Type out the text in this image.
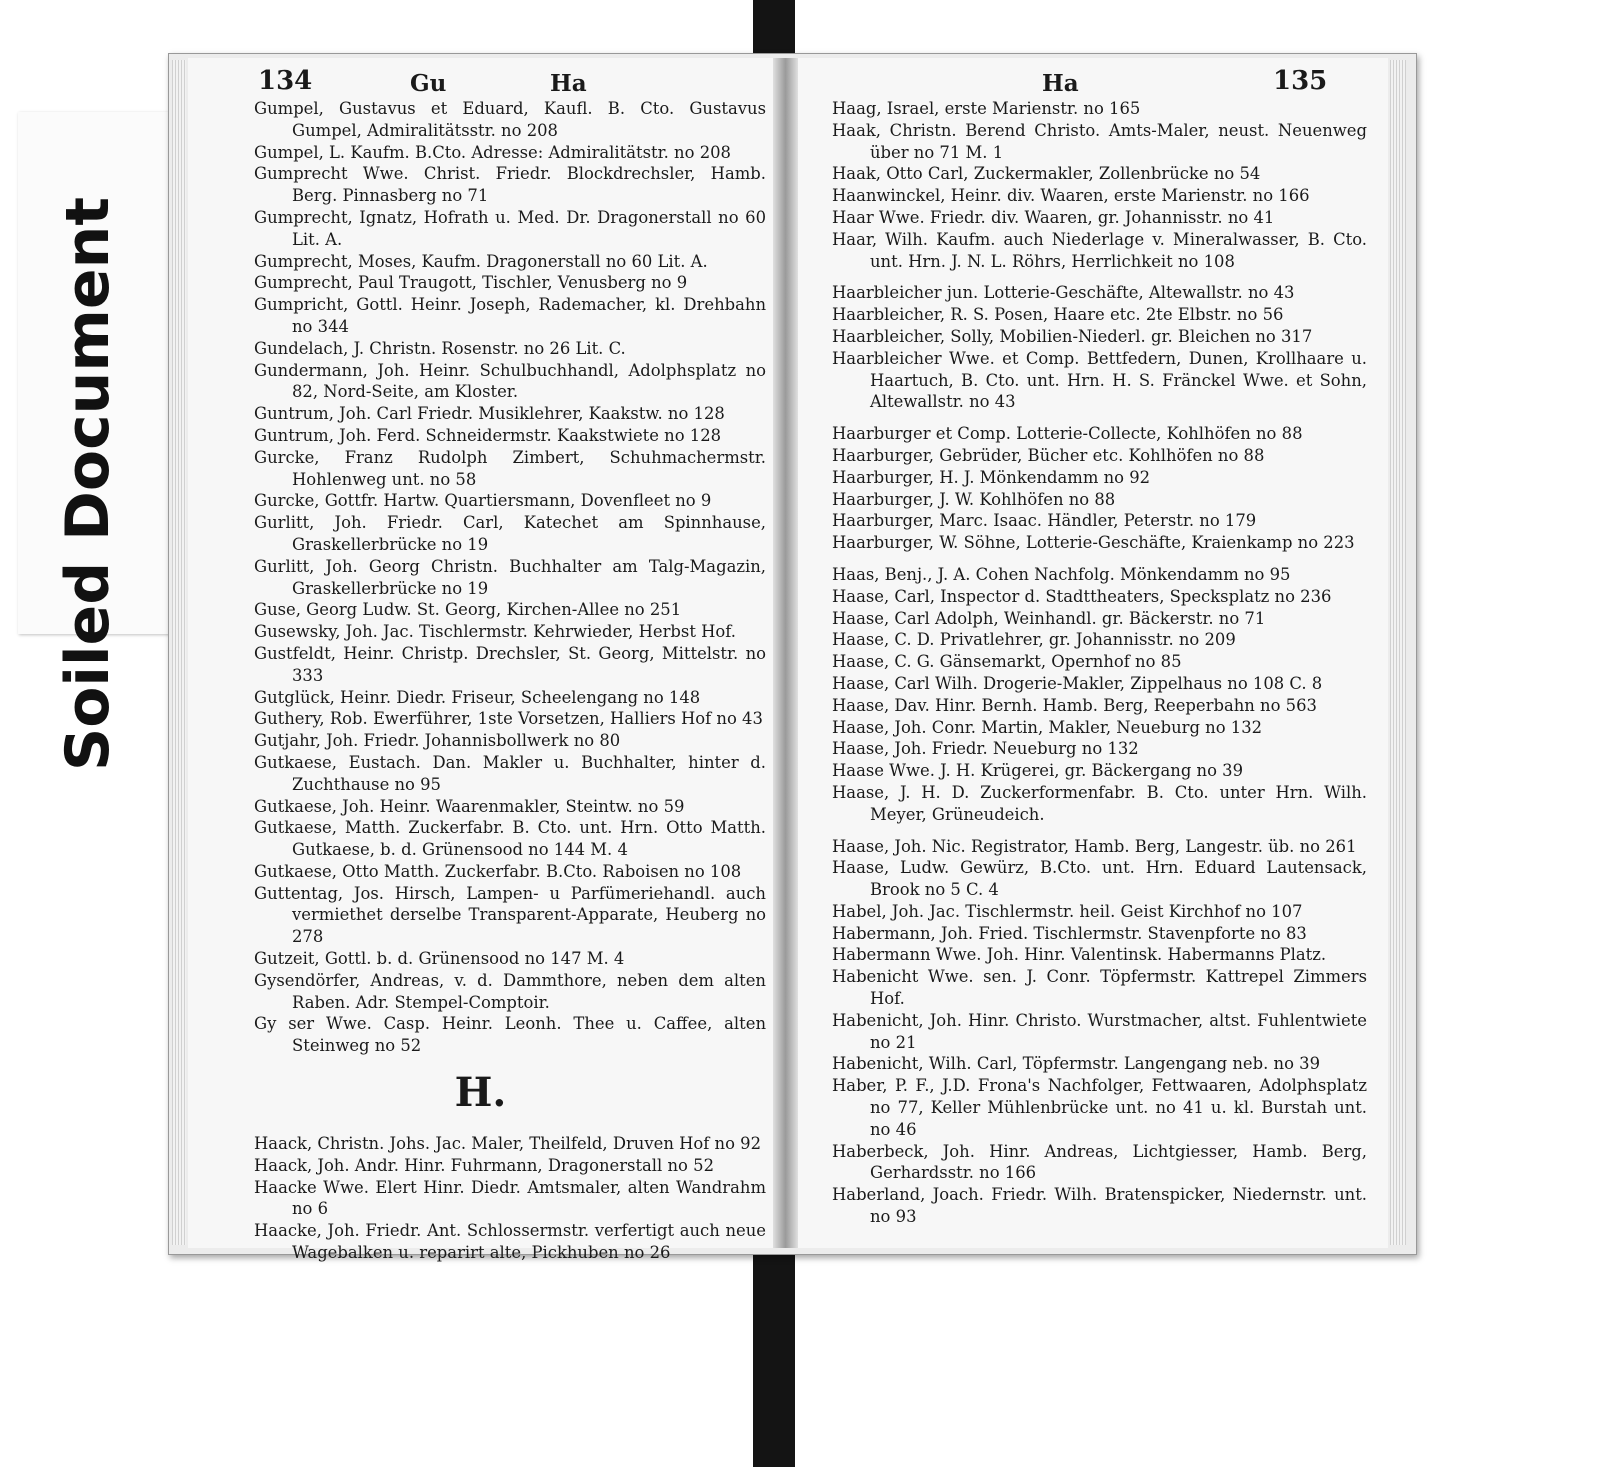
Soiled Document
134	Gu	Ha
Gumpel, Gustavus et Eduard, Kaufl. B. Cto. Gustavus Gumpel, Admiralitätsstr. no 208
Gumpel, L. Kaufm. B.Cto. Adresse: Admiralitätstr. no 208
Gumprecht Wwe. Christ. Friedr. Blockdrechsler, Hamb. Berg. Pinnasberg no 71
Gumprecht, Ignatz, Hofrath u. Med. Dr. Dragonerstall no 60 Lit. A.
Gumprecht, Moses, Kaufm. Dragonerstall no 60 Lit. A.
Gumprecht, Paul Traugott, Tischler, Venusberg no 9
Gumpricht, Gottl. Heinr. Joseph, Rademacher, kl. Drehbahn no 344
Gundelach, J. Christn. Rosenstr. no 26 Lit. C.
Gundermann, Joh. Heinr. Schulbuchhandl, Adolphsplatz no 82, Nord-Seite, am Kloster.
Guntrum, Joh. Carl Friedr. Musiklehrer, Kaakstw. no 128
Guntrum, Joh. Ferd. Schneidermstr. Kaakstwiete no 128
Gurcke, Franz Rudolph Zimbert, Schuhmachermstr. Hohlenweg unt. no 58
Gurcke, Gottfr. Hartw. Quartiersmann, Dovenfleet no 9
Gurlitt, Joh. Friedr. Carl, Katechet am Spinnhause, Graskellerbrücke no 19
Gurlitt, Joh. Georg Christn. Buchhalter am Talg-Magazin, Graskellerbrücke no 19
Guse, Georg Ludw. St. Georg, Kirchen-Allee no 251
Gusewsky, Joh. Jac. Tischlermstr. Kehrwieder, Herbst Hof.
Gustfeldt, Heinr. Christp. Drechsler, St. Georg, Mittelstr. no 333
Gutglück, Heinr. Diedr. Friseur, Scheelengang no 148
Guthery, Rob. Ewerführer, 1ste Vorsetzen, Halliers Hof no 43
Gutjahr, Joh. Friedr. Johannisbollwerk no 80
Gutkaese, Eustach. Dan. Makler u. Buchhalter, hinter d. Zuchthause no 95
Gutkaese, Joh. Heinr. Waarenmakler, Steintw. no 59
Gutkaese, Matth. Zuckerfabr. B. Cto. unt. Hrn. Otto Matth. Gutkaese, b. d. Grünensood no 144 M. 4
Gutkaese, Otto Matth. Zuckerfabr. B.Cto. Raboisen no 108
Guttentag, Jos. Hirsch, Lampen- u Parfümeriehandl. auch vermiethet derselbe Transparent-Apparate, Heuberg no 278
Gutzeit, Gottl. b. d. Grünensood no 147 M. 4
Gysendörfer, Andreas, v. d. Dammthore, neben dem alten Raben. Adr. Stempel-Comptoir.
Gy ser Wwe. Casp. Heinr. Leonh. Thee u. Caffee, alten Steinweg no 52
H.
Haack, Christn. Johs. Jac. Maler, Theilfeld, Druven Hof no 92
Haack, Joh. Andr. Hinr. Fuhrmann, Dragonerstall no 52
Haacke Wwe. Elert Hinr. Diedr. Amtsmaler, alten Wandrahm no 6
Haacke, Joh. Friedr. Ant. Schlossermstr. verfertigt auch neue Wagebalken u. reparirt alte, Pickhuben no 26
Ha	135
Haag, Israel, erste Marienstr. no 165
Haak, Christn. Berend Christo. Amts-Maler, neust. Neuenweg über no 71 M. 1
Haak, Otto Carl, Zuckermakler, Zollenbrücke no 54
Haanwinckel, Heinr. div. Waaren, erste Marienstr. no 166
Haar Wwe. Friedr. div. Waaren, gr. Johannisstr. no 41
Haar, Wilh. Kaufm. auch Niederlage v. Mineralwasser, B. Cto. unt. Hrn. J. N. L. Röhrs, Herrlichkeit no 108
Haarbleicher jun. Lotterie-Geschäfte, Altewallstr. no 43
Haarbleicher, R. S. Posen, Haare etc. 2te Elbstr. no 56
Haarbleicher, Solly, Mobilien-Niederl. gr. Bleichen no 317
Haarbleicher Wwe. et Comp. Bettfedern, Dunen, Krollhaare u. Haartuch, B. Cto. unt. Hrn. H. S. Fränckel Wwe. et Sohn, Altewallstr. no 43
Haarburger et Comp. Lotterie-Collecte, Kohlhöfen no 88
Haarburger, Gebrüder, Bücher etc. Kohlhöfen no 88
Haarburger, H. J. Mönkendamm no 92
Haarburger, J. W. Kohlhöfen no 88
Haarburger, Marc. Isaac. Händler, Peterstr. no 179
Haarburger, W. Söhne, Lotterie-Geschäfte, Kraienkamp no 223
Haas, Benj., J. A. Cohen Nachfolg. Mönkendamm no 95
Haase, Carl, Inspector d. Stadttheaters, Specksplatz no 236
Haase, Carl Adolph, Weinhandl. gr. Bäckerstr. no 71
Haase, C. D. Privatlehrer, gr. Johannisstr. no 209
Haase, C. G. Gänsemarkt, Opernhof no 85
Haase, Carl Wilh. Drogerie-Makler, Zippelhaus no 108 C. 8
Haase, Dav. Hinr. Bernh. Hamb. Berg, Reeperbahn no 563
Haase, Joh. Conr. Martin, Makler, Neueburg no 132
Haase, Joh. Friedr. Neueburg no 132
Haase Wwe. J. H. Krügerei, gr. Bäckergang no 39
Haase, J. H. D. Zuckerformenfabr. B. Cto. unter Hrn. Wilh. Meyer, Grüneudeich.
Haase, Joh. Nic. Registrator, Hamb. Berg, Langestr. üb. no 261
Haase, Ludw. Gewürz, B.Cto. unt. Hrn. Eduard Lautensack, Brook no 5 C. 4
Habel, Joh. Jac. Tischlermstr. heil. Geist Kirchhof no 107
Habermann, Joh. Fried. Tischlermstr. Stavenpforte no 83
Habermann Wwe. Joh. Hinr. Valentinsk. Habermanns Platz.
Habenicht Wwe. sen. J. Conr. Töpfermstr. Kattrepel Zimmers Hof.
Habenicht, Joh. Hinr. Christo. Wurstmacher, altst. Fuhlentwiete no 21
Habenicht, Wilh. Carl, Töpfermstr. Langengang neb. no 39
Haber, P. F., J.D. Frona's Nachfolger, Fettwaaren, Adolphsplatz no 77, Keller Mühlenbrücke unt. no 41 u. kl. Burstah unt. no 46
Haberbeck, Joh. Hinr. Andreas, Lichtgiesser, Hamb. Berg, Gerhardsstr. no 166
Haberland, Joach. Friedr. Wilh. Bratenspicker, Niedernstr. unt. no 93
